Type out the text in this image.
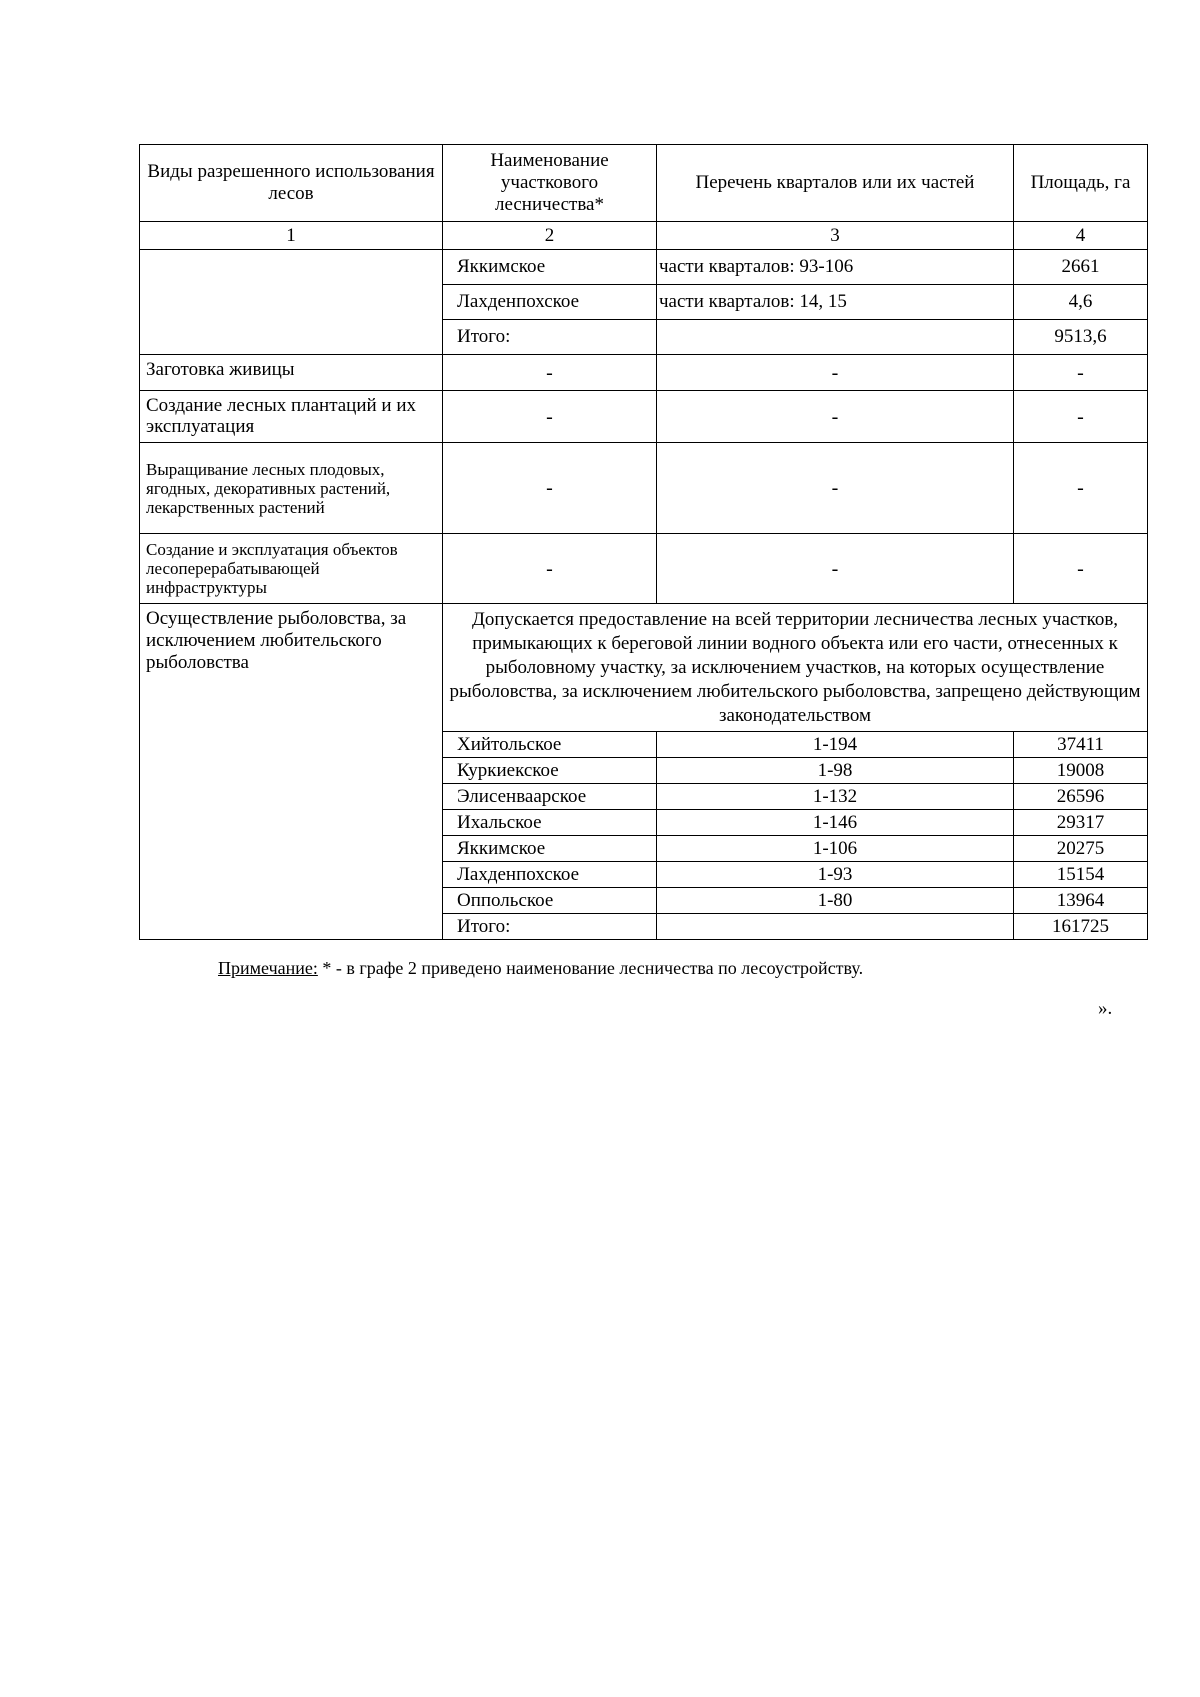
Виды разрешенного использования лесов	Наименование участкового лесничества*	Перечень кварталов или их частей	Площадь, га
1	2	3	4
	Яккимское	части кварталов: 93-106	2661
	Лахденпохское	части кварталов: 14, 15	4,6
	Итого:		9513,6
Заготовка живицы	-	-	-
Создание лесных плантаций и их эксплуатация	-	-	-
Выращивание лесных плодовых, ягодных, декоративных растений, лекарственных растений	-	-	-
Создание и эксплуатация объектов лесоперерабатывающей инфраструктуры	-	-	-
Осуществление рыболовства, за исключением любительского рыболовства	Допускается предоставление на всей территории лесничества лесных участков, примыкающих к береговой линии водного объекта или его части, отнесенных к рыболовному участку, за исключением участков, на которых осуществление рыболовства, за исключением любительского рыболовства, запрещено действующим законодательством		
	Хийтольское	1-194	37411
	Куркиекское	1-98	19008
	Элисенваарское	1-132	26596
	Ихальское	1-146	29317
	Яккимское	1-106	20275
	Лахденпохское	1-93	15154
	Оппольское	1-80	13964
	Итого:		161725
Примечание: * - в графе 2 приведено наименование лесничества по лесоустройству.
».
